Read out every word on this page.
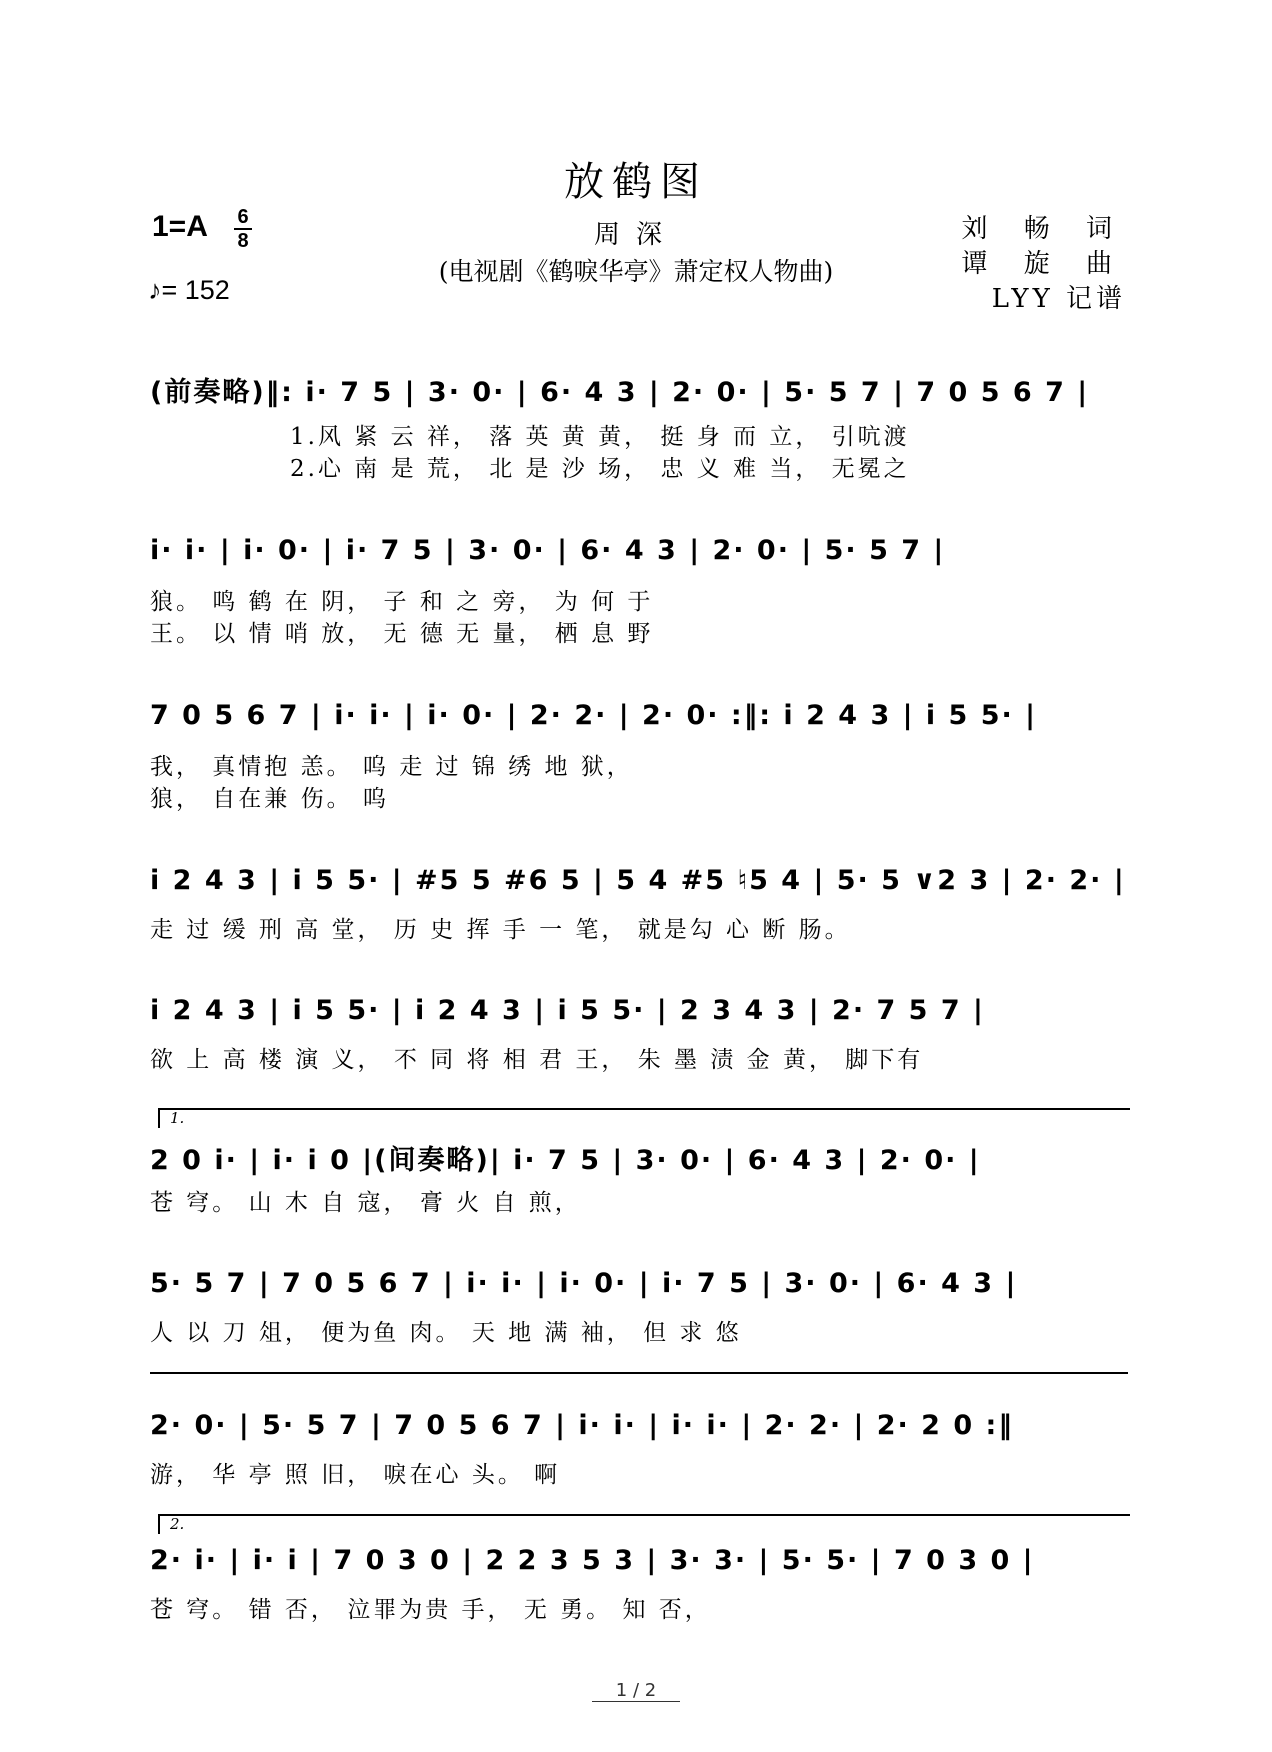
放鹤图
1=A 6
8
♪= 152
周深
(电视剧《鹤唳华亭》萧定权人物曲)
刘 畅 词
谭 旋 曲
LYY 记谱
(前奏略)‖: i· 7 5 | 3· 0· | 6· 4 3 | 2· 0· | 5· 5 7 | 7 0 5 6 7 |
1.风 紧 云 祥， 落 英 黄 黄， 挺 身 而 立， 引吭渡
2.心 南 是 荒， 北 是 沙 场， 忠 义 难 当， 无冕之
i· i· | i· 0· | i· 7 5 | 3· 0· | 6· 4 3 | 2· 0· | 5· 5 7 |
狼。 鸣 鹤 在 阴， 子 和 之 旁， 为 何 于
王。 以 情 哨 放， 无 德 无 量， 栖 息 野
7 0 5 6 7 | i· i· | i· 0· | 2· 2· | 2· 0· :‖: i 2 4 3 | i 5 5· |
我， 真情抱 恙。 呜 走 过 锦 绣 地 狱，
狼， 自在兼 伤。 呜
i 2 4 3 | i 5 5· | #5 5 #6 5 | 5 4 #5 ♮5 4 | 5· 5 ∨2 3 | 2· 2· |
走 过 缓 刑 高 堂， 历 史 挥 手 一 笔， 就是勾 心 断 肠。
i 2 4 3 | i 5 5· | i 2 4 3 | i 5 5· | 2 3 4 3 | 2· 7 5 7 |
欲 上 高 楼 演 义， 不 同 将 相 君 王， 朱 墨 渍 金 黄， 脚下有
1.
2 0 i· | i· i 0 |(间奏略)| i· 7 5 | 3· 0· | 6· 4 3 | 2· 0· |
苍 穹。 山 木 自 寇， 膏 火 自 煎，
5· 5 7 | 7 0 5 6 7 | i· i· | i· 0· | i· 7 5 | 3· 0· | 6· 4 3 |
人 以 刀 俎， 便为鱼 肉。 天 地 满 袖， 但 求 悠
2· 0· | 5· 5 7 | 7 0 5 6 7 | i· i· | i· i· | 2· 2· | 2· 2 0 :‖
游， 华 亭 照 旧， 唳在心 头。 啊
2.
2· i· | i· i | 7 0 3 0 | 2 2 3 5 3 | 3· 3· | 5· 5· | 7 0 3 0 |
苍 穹。 错 否， 泣罪为贵 手， 无 勇。 知 否，
1 / 2
